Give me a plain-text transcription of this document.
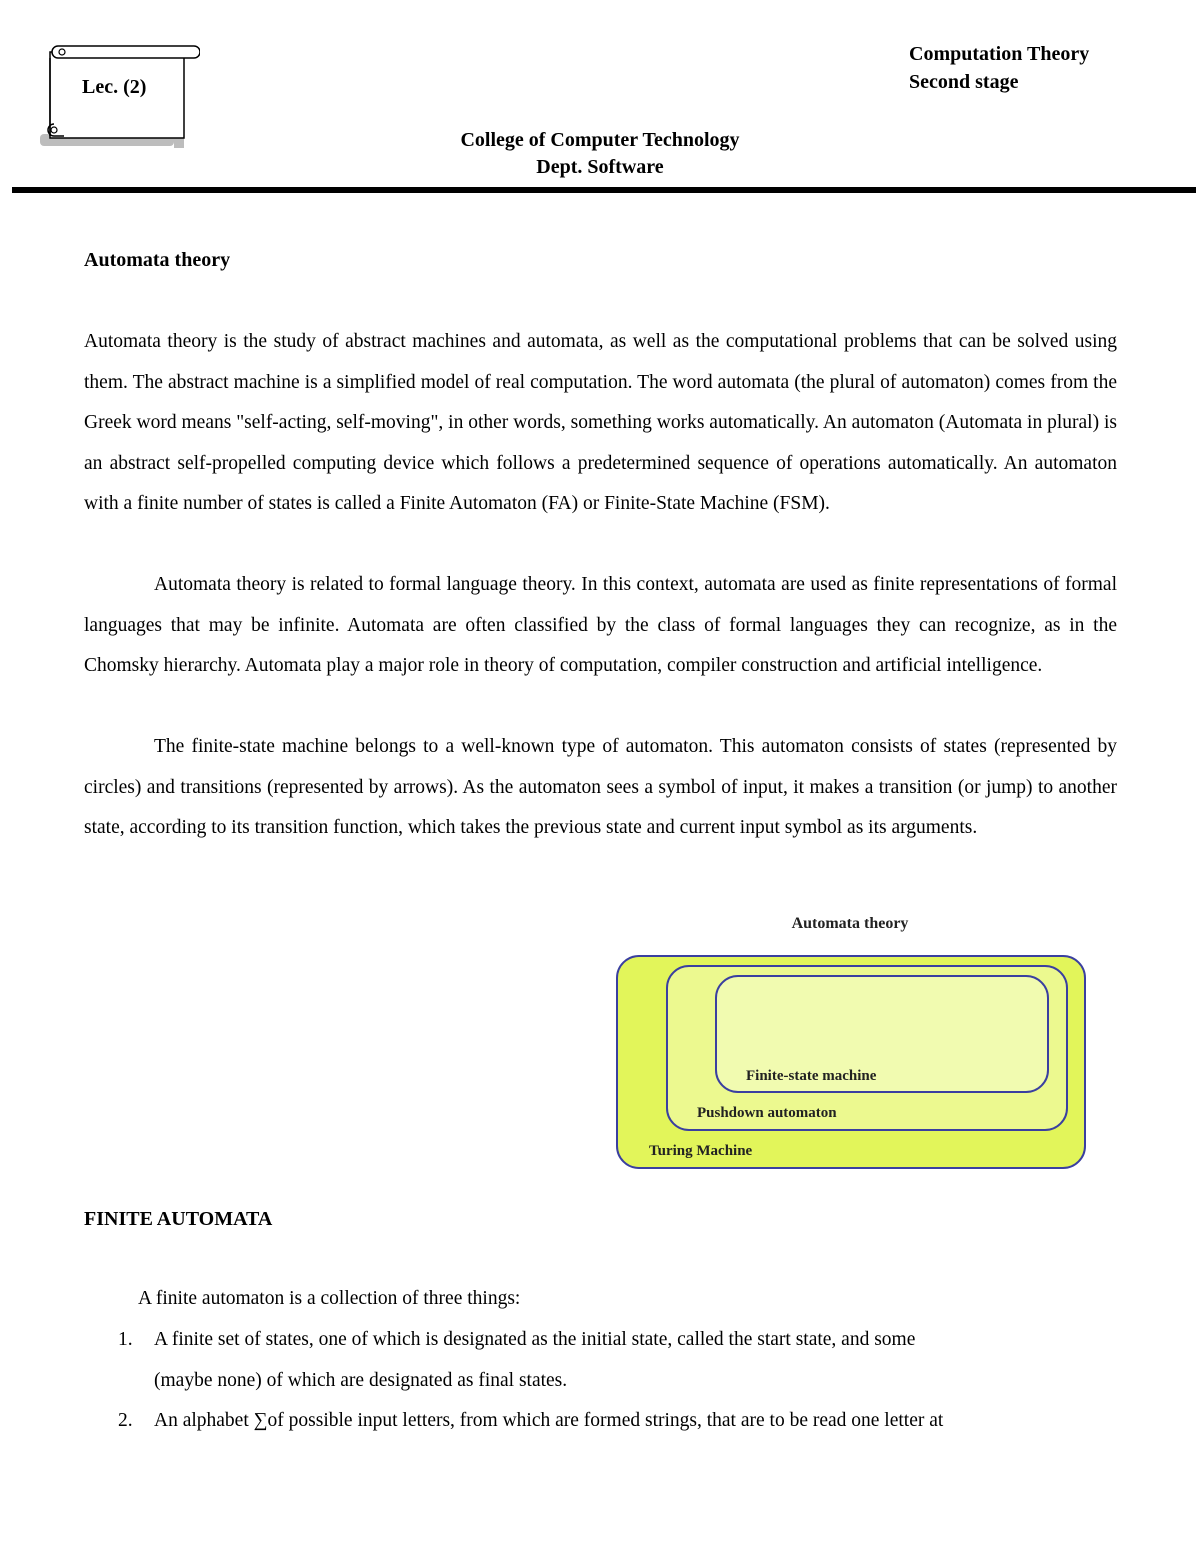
Lec. (2)
Computation Theory
Second stage
College of Computer Technology
Dept. Software
Automata theory

Automata theory is the study of abstract machines and automata, as well as the computational problems that can be solved using them. The abstract machine is a simplified model of real computation. The word automata (the plural of automaton) comes from the Greek word means "self-acting, self-moving", in other words, something works automatically. An automaton (Automata in plural) is an abstract self-propelled computing device which follows a predetermined sequence of operations automatically. An automaton with a finite number of states is called a Finite Automaton (FA) or Finite-State Machine (FSM).

Automata theory is related to formal language theory. In this context, automata are used as finite representations of formal languages that may be infinite. Automata are often classified by the class of formal languages they can recognize, as in the Chomsky hierarchy. Automata play a major role in theory of computation, compiler construction and artificial intelligence.

The finite-state machine belongs to a well-known type of automaton. This automaton consists of states (represented by circles) and transitions (represented by arrows). As the automaton sees a symbol of input, it makes a transition (or jump) to another state, according to its transition function, which takes the previous state and current input symbol as its arguments.

Automata theory
Finite-state machine
Pushdown automaton
Turing Machine
FINITE AUTOMATA
A finite automaton is a collection of three things:
1. A finite set of states, one of which is designated as the initial state, called the start state, and some
(maybe none) of which are designated as final states.
2. An alphabet ∑of possible input letters, from which are formed strings, that are to be read one letter at
